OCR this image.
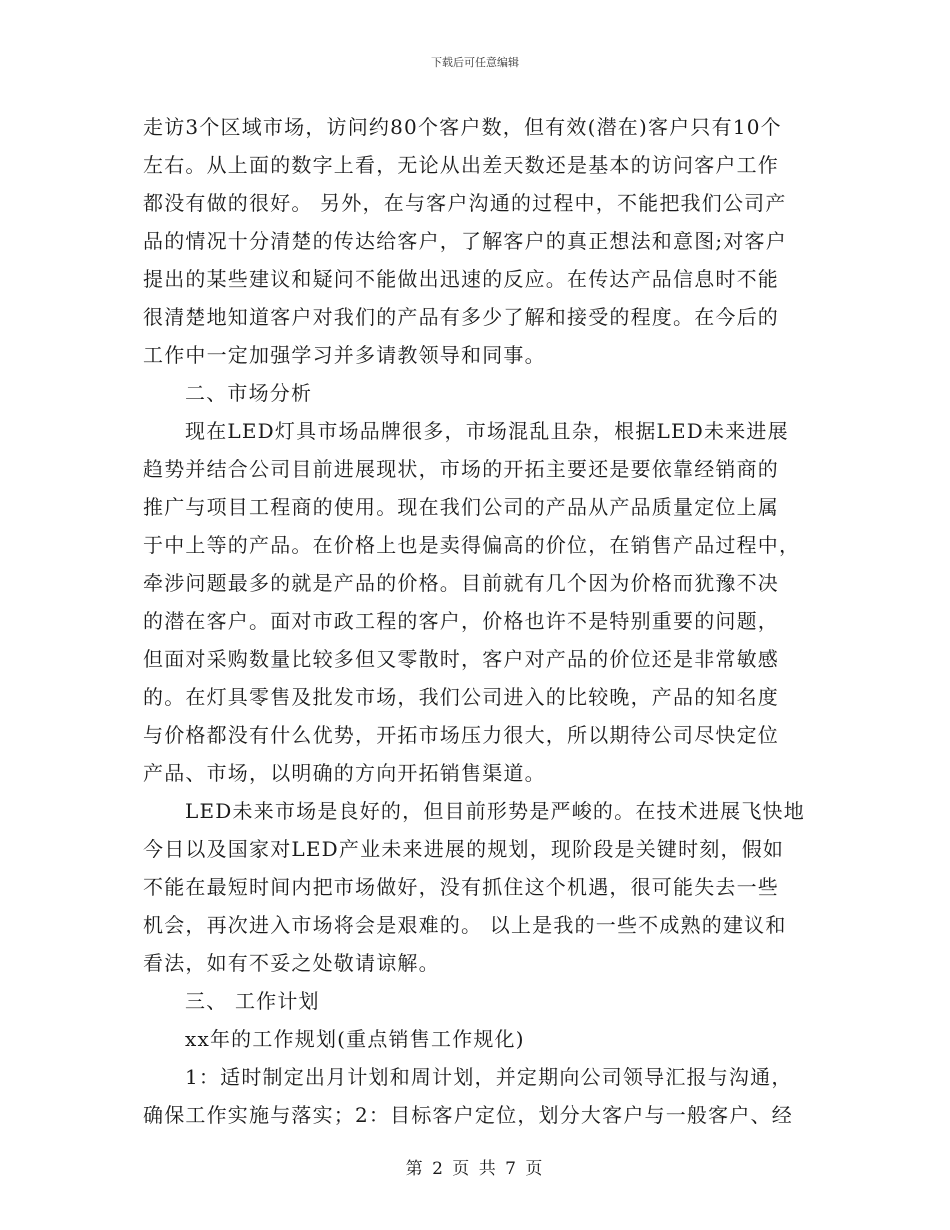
下载后可任意编辑
走访3个区域市场，访问约80个客户数，但有效(潜在)客户只有10个
左右。从上面的数字上看，无论从出差天数还是基本的访问客户工作
都没有做的很好。 另外，在与客户沟通的过程中，不能把我们公司产
品的情况十分清楚的传达给客户，了解客户的真正想法和意图;对客户
提出的某些建议和疑问不能做出迅速的反应。在传达产品信息时不能
很清楚地知道客户对我们的产品有多少了解和接受的程度。在今后的
工作中一定加强学习并多请教领导和同事。
二、市场分析
现在LED灯具市场品牌很多，市场混乱且杂，根据LED未来进展
趋势并结合公司目前进展现状，市场的开拓主要还是要依靠经销商的
推广与项目工程商的使用。现在我们公司的产品从产品质量定位上属
于中上等的产品。在价格上也是卖得偏高的价位，在销售产品过程中，
牵涉问题最多的就是产品的价格。目前就有几个因为价格而犹豫不决
的潜在客户。面对市政工程的客户，价格也许不是特别重要的问题，
但面对采购数量比较多但又零散时，客户对产品的价位还是非常敏感
的。在灯具零售及批发市场，我们公司进入的比较晚，产品的知名度
与价格都没有什么优势，开拓市场压力很大，所以期待公司尽快定位
产品、市场，以明确的方向开拓销售渠道。
LED未来市场是良好的，但目前形势是严峻的。在技术进展飞快地
今日以及国家对LED产业未来进展的规划，现阶段是关键时刻，假如
不能在最短时间内把市场做好，没有抓住这个机遇，很可能失去一些
机会，再次进入市场将会是艰难的。 以上是我的一些不成熟的建议和
看法，如有不妥之处敬请谅解。
三、 工作计划
xx年的工作规划(重点销售工作规化)
1：适时制定出月计划和周计划，并定期向公司领导汇报与沟通，
确保工作实施与落实；2：目标客户定位，划分大客户与一般客户、经
第 2 页 共 7 页
